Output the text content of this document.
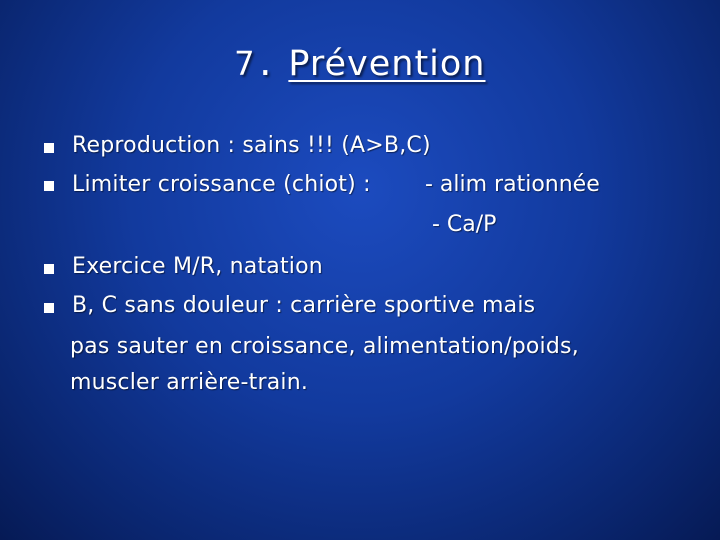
7. Prévention
Reproduction : sains !!! (A>B,C)
Limiter croissance (chiot) : - alim rationnée
- Ca/P
Exercice M/R, natation
B, C sans douleur : carrière sportive mais
pas sauter en croissance, alimentation/poids,
muscler arrière-train.
